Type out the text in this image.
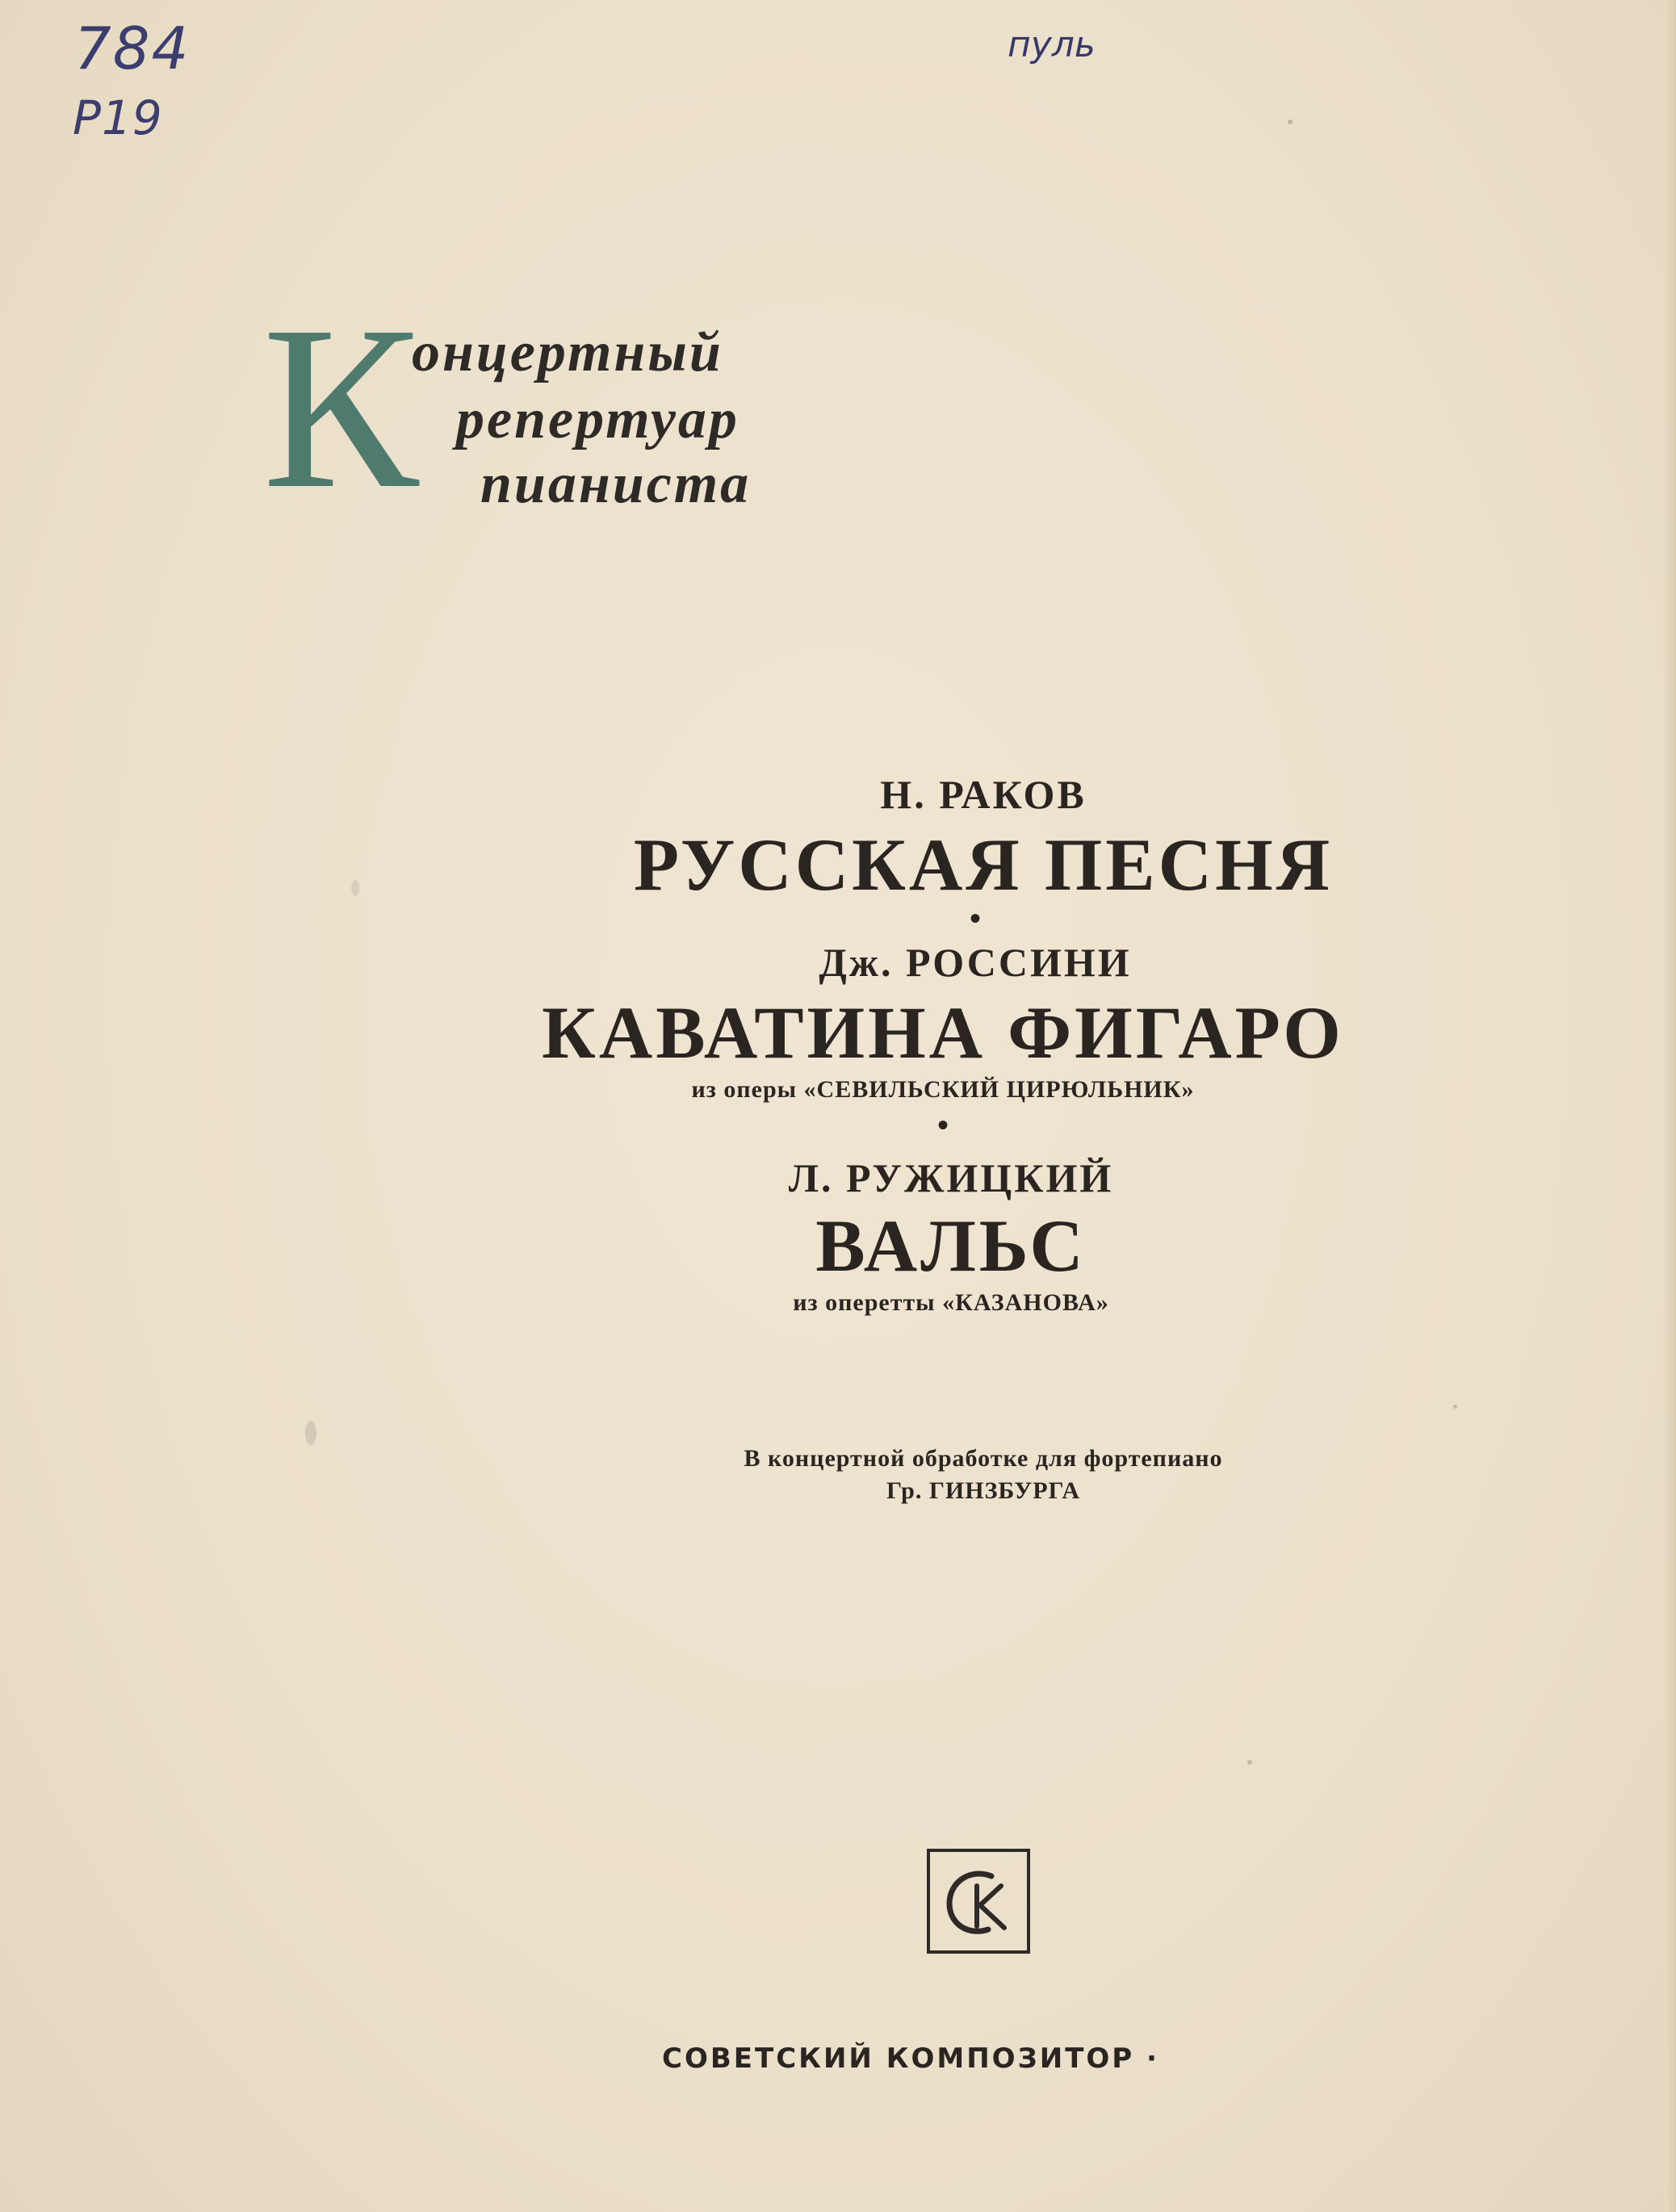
784
P19
пуль
К
онцертный
репертуар
пианиста
Н. РАКОВ
РУССКАЯ ПЕСНЯ
•
Дж. РОССИНИ
КАВАТИНА ФИГАРО
из оперы «СЕВИЛЬСКИЙ ЦИРЮЛЬНИК»
•
Л. РУЖИЦКИЙ
ВАЛЬС
из оперетты «КАЗАНОВА»
В концертной обработке для фортепиано
Гр. ГИНЗБУРГА
СОВЕТСКИЙ КОМПОЗИТОР ·
